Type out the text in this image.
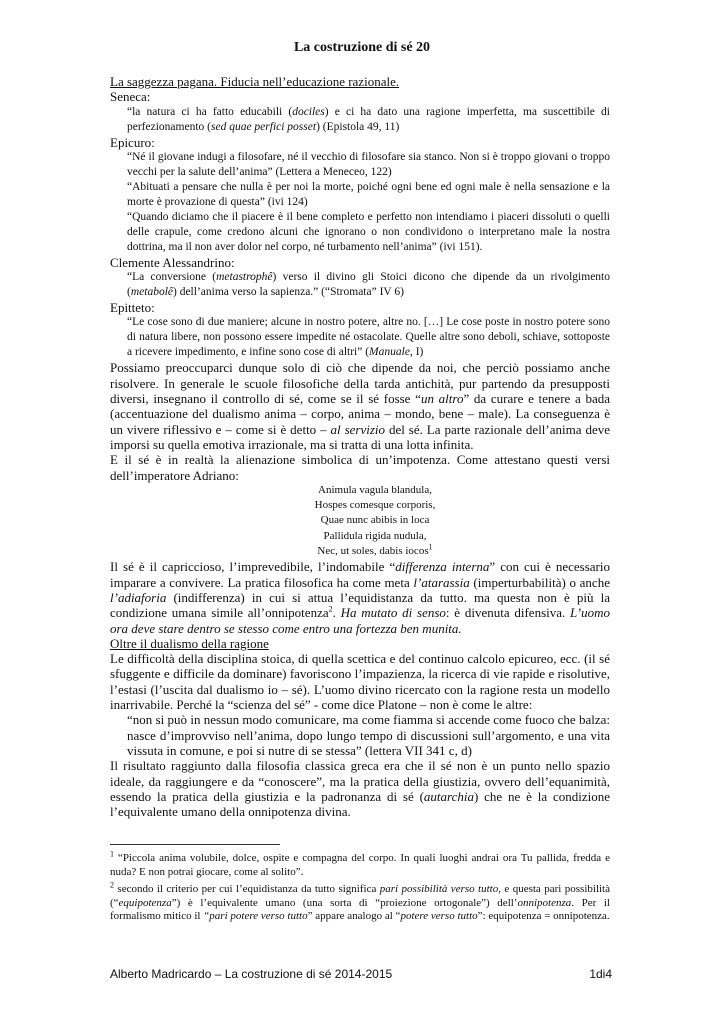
La costruzione di sé 20

La saggezza pagana. Fiducia nell’educazione razionale.

Seneca:

“la natura ci ha fatto educabili (dociles) e ci ha dato una ragione imperfetta, ma suscettibile di perfezionamento (sed quae perfici posset) (Epistola 49, 11)

Epicuro:

“Né il giovane indugi a filosofare, né il vecchio di filosofare sia stanco. Non si è troppo giovani o troppo vecchi per la salute dell’anima” (Lettera a Meneceo, 122)

“Abituati a pensare che nulla è per noi la morte, poiché ogni bene ed ogni male è nella sensazione e la morte è provazione di questa” (ivi 124)

“Quando diciamo che il piacere è il bene completo e perfetto non intendiamo i piaceri dissoluti o quelli delle crapule, come credono alcuni che ignorano o non condividono o interpretano male la nostra dottrina, ma il non aver dolor nel corpo, né turbamento nell’anima” (ivi 151).

Clemente Alessandrino:

“La conversione (metastrophê) verso il divino gli Stoici dicono che dipende da un rivolgimento (metabolê) dell’anima verso la sapienza.” (“Stromata” IV 6)

Epitteto:

“Le cose sono di due maniere; alcune in nostro potere, altre no. […] Le cose poste in nostro potere sono di natura libere, non possono essere impedite né ostacolate. Quelle altre sono deboli, schiave, sottoposte a ricevere impedimento, e infine sono cose di altri” (Manuale, I)

Possiamo preoccuparci dunque solo di ciò che dipende da noi, che perciò possiamo anche risolvere. In generale le scuole filosofiche della tarda antichità, pur partendo da presupposti diversi, insegnano il controllo di sé, come se il sé fosse “un altro” da curare e tenere a bada (accentuazione del dualismo anima – corpo, anima – mondo, bene – male). La conseguenza è un vivere riflessivo e – come si è detto – al servizio del sé. La parte razionale dell’anima deve imporsi su quella emotiva irrazionale, ma si tratta di una lotta infinita.

E il sé è in realtà la alienazione simbolica di un’impotenza. Come attestano questi versi dell’imperatore Adriano:

Animula vagula blandula,

Hospes comesque corporis,

Quae nunc abibis in loca

Pallidula rigida nudula,

Nec, ut soles, dabis iocos$^1$

Il sé è il capriccioso, l’imprevedibile, l’indomabile “differenza interna” con cui è necessario imparare a convivere. La pratica filosofica ha come meta l’atarassia (imperturbabilità) o anche l’adiaforia (indifferenza) in cui si attua l’equidistanza da tutto. ma questa non è più la condizione umana simile all’onnipotenza$^2$. Ha mutato di senso: è divenuta difensiva. L’uomo ora deve stare dentro se stesso come entro una fortezza ben munita.

Oltre il dualismo della ragione

Le difficoltà della disciplina stoica, di quella scettica e del continuo calcolo epicureo, ecc. (il sé sfuggente e difficile da dominare) favoriscono l’impazienza, la ricerca di vie rapide e risolutive, l’estasi (l’uscita dal dualismo io – sé). L’uomo divino ricercato con la ragione resta un modello inarrivabile. Perché la “scienza del sé” - come dice Platone – non è come le altre:

“non si può in nessun modo comunicare, ma come fiamma si accende come fuoco che balza: nasce d’improvviso nell’anima, dopo lungo tempo di discussioni sull’argomento, e una vita vissuta in comune, e poi si nutre di se stessa” (lettera VII 341 c, d)

Il risultato raggiunto dalla filosofia classica greca era che il sé non è un punto nello spazio ideale, da raggiungere e da “conoscere”, ma la pratica della giustizia, ovvero dell’equanimità, essendo la pratica della giustizia e la padronanza di sé (autarchia) che ne è la condizione l’equivalente umano della onnipotenza divina.

$^1$ “Piccola anima volubile, dolce, ospite e compagna del corpo. In quali luoghi andrai ora Tu pallida, fredda e nuda? E non potrai giocare, come al solito”.

$^2$ secondo il criterio per cui l’equidistanza da tutto significa pari possibilità verso tutto, e questa pari possibilità (“equipotenza”) è l’equivalente umano (una sorta di “proiezione ortogonale”) dell’onnipotenza. Per il formalismo mitico il “pari potere verso tutto” appare analogo al “potere verso tutto”: equipotenza = onnipotenza.

Alberto Madricardo – La costruzione di sé 2014-2015	1di4
